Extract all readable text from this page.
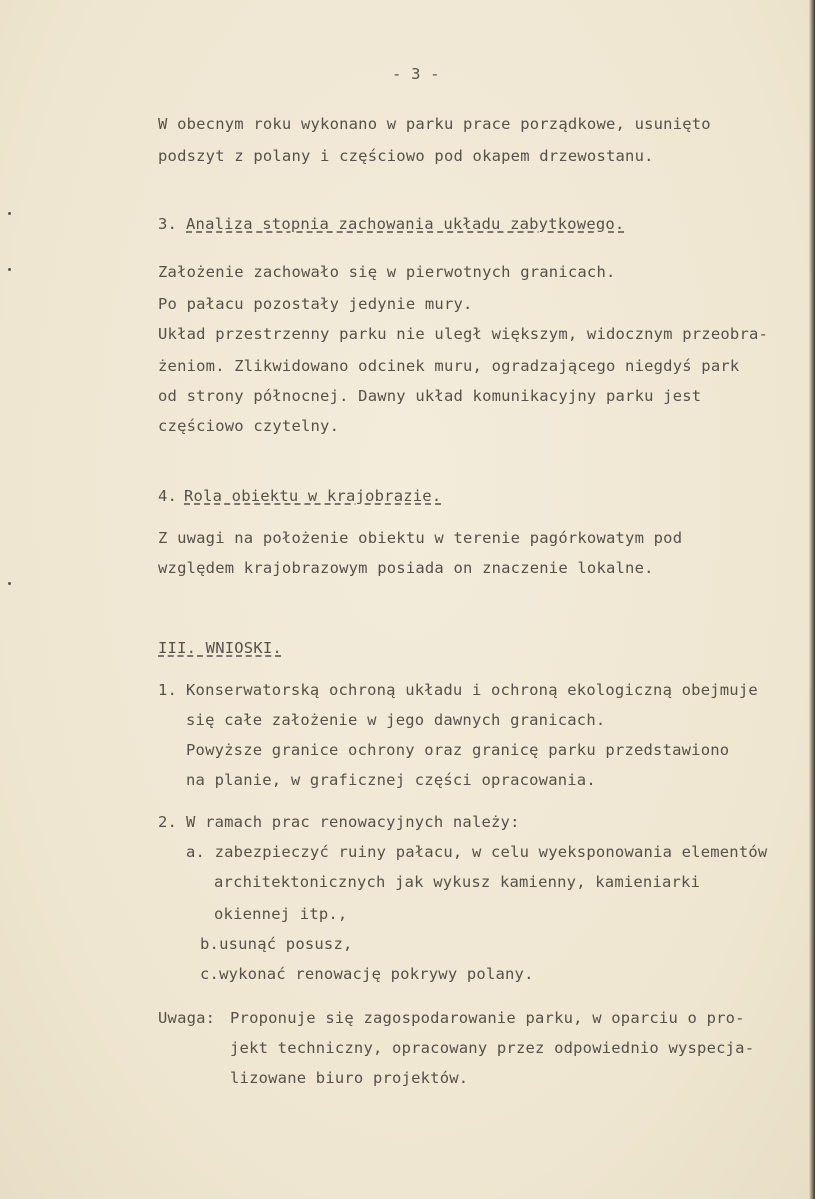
- 3 -
W obecnym roku wykonano w parku prace porządkowe, usunięto
podszyt z polany i częściowo pod okapem drzewostanu.
3. Analiza stopnia zachowania układu zabytkowego.
Założenie zachowało się w pierwotnych granicach.
Po pałacu pozostały jedynie mury.
Układ przestrzenny parku nie uległ większym, widocznym przeobra-
żeniom. Zlikwidowano odcinek muru, ogradzającego niegdyś park
od strony północnej. Dawny układ komunikacyjny parku jest
częściowo czytelny.
4. Rola obiektu w krajobrazie.
Z uwagi na położenie obiektu w terenie pagórkowatym pod
względem krajobrazowym posiada on znaczenie lokalne.
III. WNIOSKI.
1. Konserwatorską ochroną układu i ochroną ekologiczną obejmuje
się całe założenie w jego dawnych granicach.
Powyższe granice ochrony oraz granicę parku przedstawiono
na planie, w graficznej części opracowania.
2. W ramach prac renowacyjnych należy:
a. zabezpieczyć ruiny pałacu, w celu wyeksponowania elementów
architektonicznych jak wykusz kamienny, kamieniarki
okiennej itp.,
b.usunąć posusz,
c.wykonać renowację pokrywy polany.
Uwaga: Proponuje się zagospodarowanie parku, w oparciu o pro-
jekt techniczny, opracowany przez odpowiednio wyspecja-
lizowane biuro projektów.
